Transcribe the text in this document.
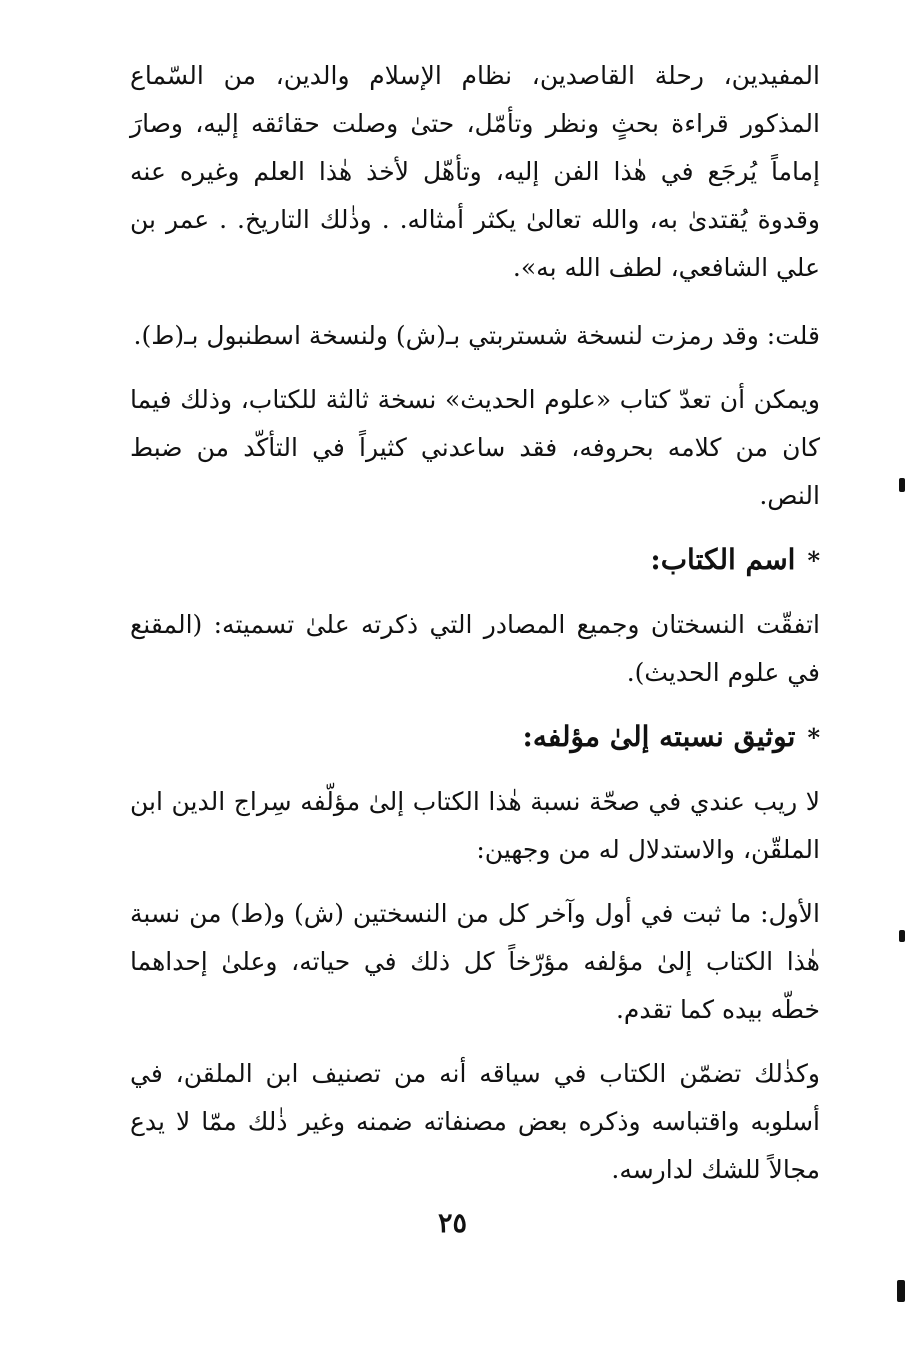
المفيدين، رحلة القاصدين، نظام الإسلام والدين، من السّماع المذكور قراءة بحثٍ ونظر وتأمّل، حتىٰ وصلت حقائقه إليه، وصارَ إماماً يُرجَع في هٰذا الفن إليه، وتأهّل لأخذ هٰذا العلم وغيره عنه وقدوة يُقتدىٰ به، والله تعالىٰ يكثر أمثاله. . وذٰلك التاريخ. . عمر بن علي الشافعي، لطف الله به».

قلت: وقد رمزت لنسخة شستربتي بـ(ش) ولنسخة اسطنبول بـ(ط).

ويمكن أن تعدّ كتاب «علوم الحديث» نسخة ثالثة للكتاب، وذلك فيما كان من كلامه بحروفه، فقد ساعدني كثيراً في التأكّد من ضبط النص.

*اسم الكتاب:

اتفقّت النسختان وجميع المصادر التي ذكرته علىٰ تسميته: (المقنع في علوم الحديث).

*توثيق نسبته إلىٰ مؤلفه:

لا ريب عندي في صحّة نسبة هٰذا الكتاب إلىٰ مؤلّفه سِراج الدين ابن الملقّن، والاستدلال له من وجهين:

الأول: ما ثبت في أول وآخر كل من النسختين (ش) و(ط) من نسبة هٰذا الكتاب إلىٰ مؤلفه مؤرّخاً كل ذلك في حياته، وعلىٰ إحداهما خطّه بيده كما تقدم.

وكذٰلك تضمّن الكتاب في سياقه أنه من تصنيف ابن الملقن، في أسلوبه واقتباسه وذكره بعض مصنفاته ضمنه وغير ذٰلك ممّا لا يدع مجالاً للشك لدارسه.

٢٥
